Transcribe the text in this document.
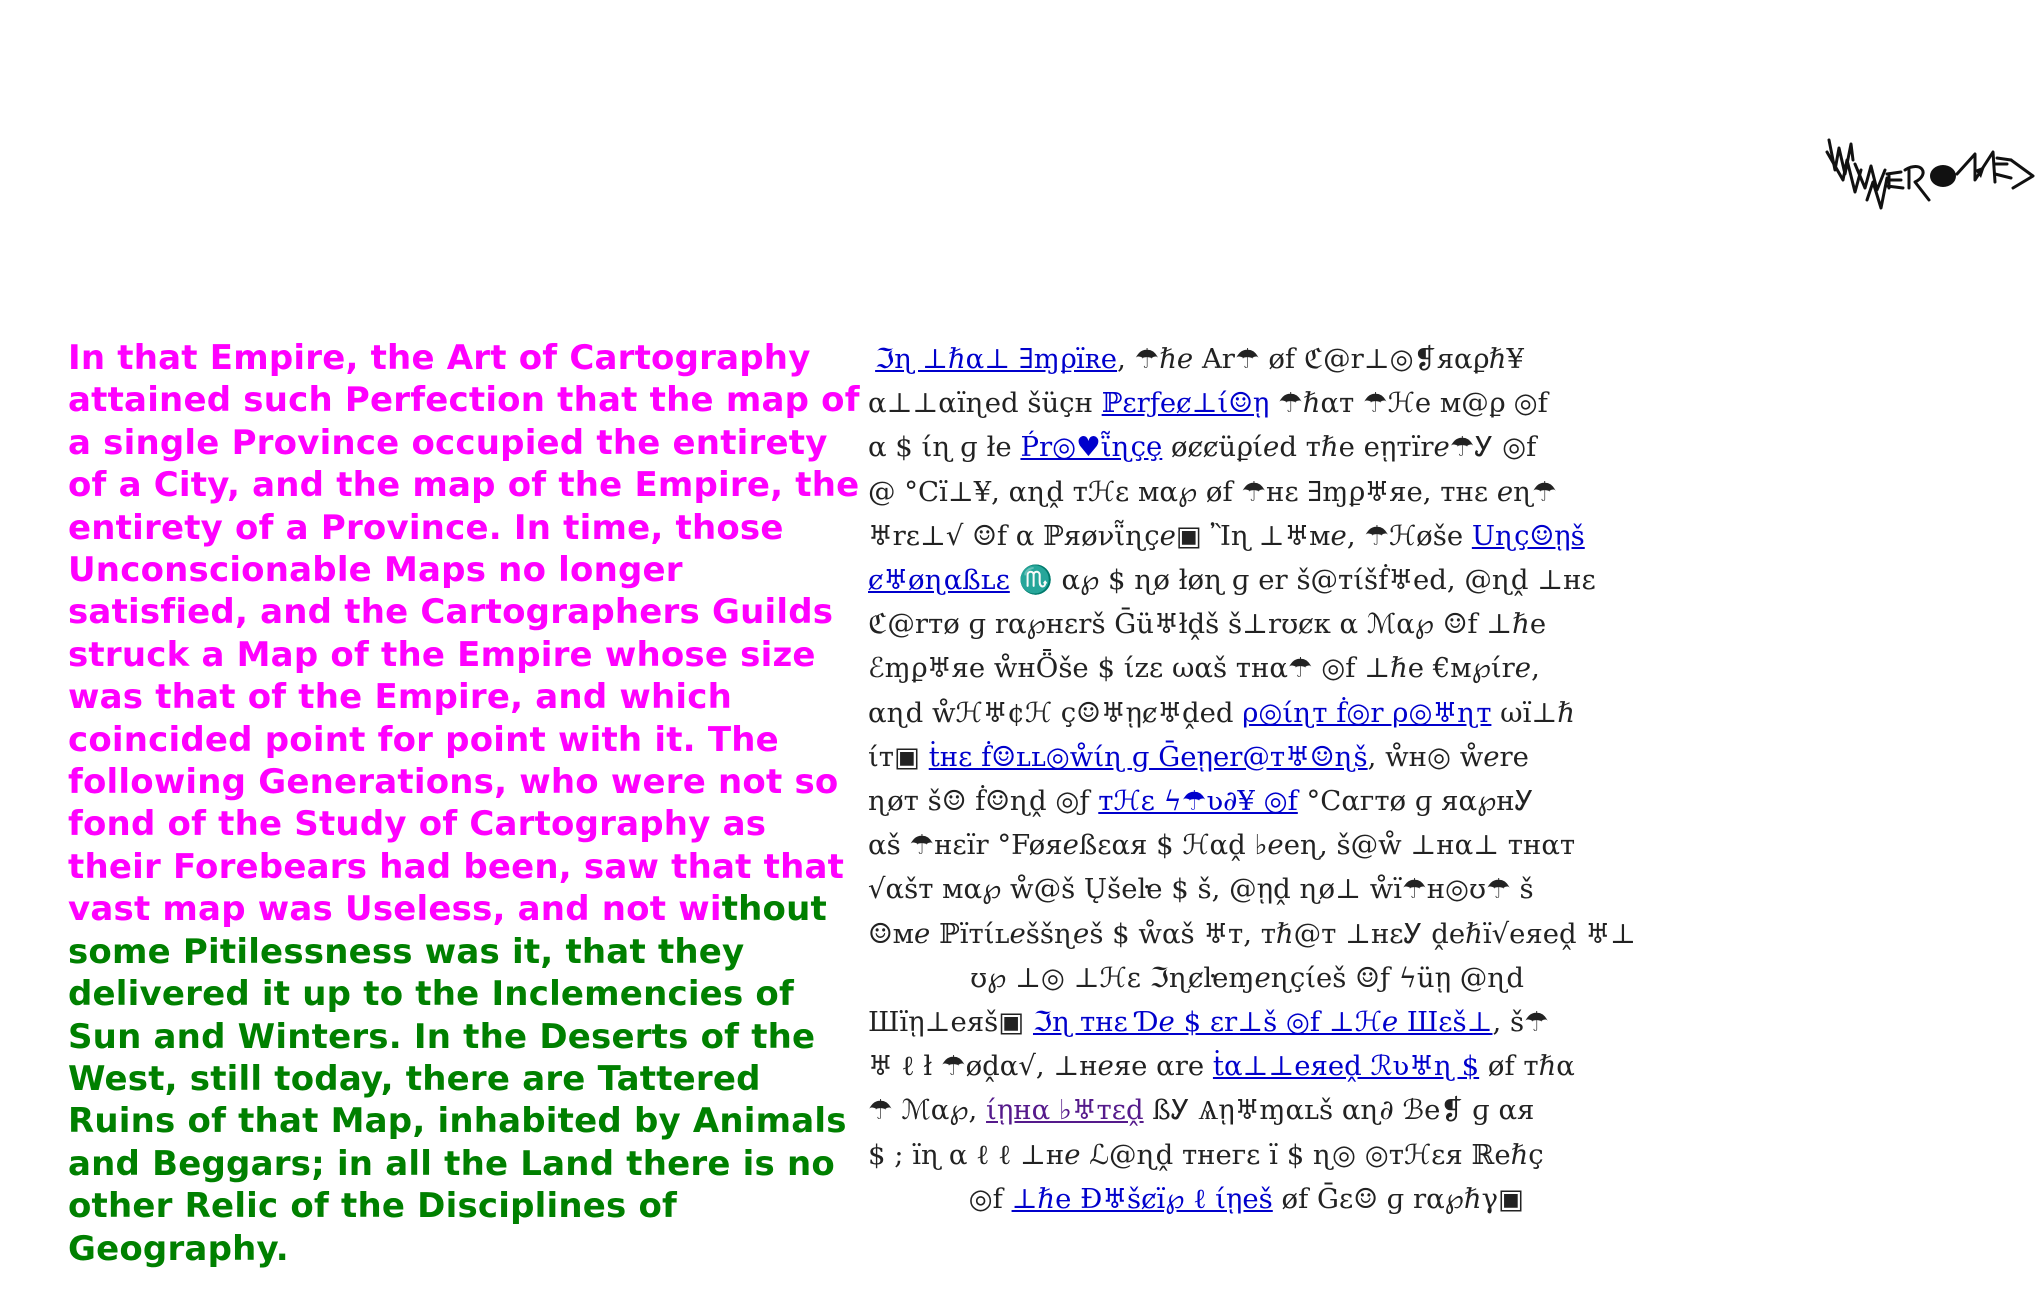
In that Empire, the Art of Cartography attained such Perfection that the map of a single Province occupied the entirety of a City, and the map of the Empire, the entirety of a Province. In time, those Unconscionable Maps no longer satisfied, and the Cartographers Guilds struck a Map of the Empire whose size was that of the Empire, and which coincided point for point with it. The following Generations, who were not so fond of the Study of Cartography as their Forebears had been, saw that that vast map was Useless, and not without some Pitilessness was it, that they delivered it up to the Inclemencies of Sun and Winters. In the Deserts of the West, still today, there are Tattered Ruins of that Map, inhabited by Animals and Beggars; in all the Land there is no other Relic of the Disciplines of Geography.
ℑɳ ⊥ℏα⊥ ∃ɱϼїʀe, ☂ℏℯ Ar☂ øf ℭ@r⊥◎❡яαϼℏ¥
α⊥⊥αїɳed šüçн ℙεrƒeȼ⊥ί☺ῃ ☂ℏαт ☂ℋe м@ϼ ◎f
α $ ίɳ ɡ łe Ṕr◎♥ῗɳçȩ øȼȼüϼίℯd тℏe eῃтїrℯ☂Ꭹ ◎f
@ °Cї⊥¥, αɳḓ тℋɛ мα℘ øf ☂нε ∃ɱϼ♅яe, тнε ℯɳ☂
♅rε⊥√ ☺f α ℙяøνῗɳçℯ▣ Ἲɳ ⊥♅мℯ, ☂ℋøše Uɳç☺ῃš
ȼ♅øɳαßʟε ♏ α℘ $ ɳø łøɳ ɡ er š@тίšḟ♅ed, @ɳḓ ⊥нε
ℭ@rтø ɡ rα℘нεrš Ḡü♅łḓš š⊥rʊȼк α ℳα℘ ☺f ⊥ℏe
ℰɱϼ♅яe ẘнȪše $ ίzε ωαš тнα☂ ◎f ⊥ℏe €м℘ίrℯ,
αɳd ẘℋ♅¢ℋ ç☺♅ῃȼ♅ḓed ρ◎ίɳт ḟ◎r ρ◎♅ɳт ωї⊥ℏ
ίт▣ ṫнε ḟ☺ʟʟ◎ẘίɳ ɡ Ḡeῃer@т♅☺ɳš, ẘн◎ ẘℯre
ɳøт š☺ ḟ☺ɳḓ ◎ƒ тℋɛ ϟ☂ʋ∂¥ ◎f °Cαгтø ɡ яα℘нᎩ
αš ☂нεїr °Føяℯßεαя $ ℋαḓ ♭ℯeɳ, š@ẘ ⊥нα⊥ тнαт
√αšт мα℘ ẘ@š Ųšeŀe $ š, @ῃḓ ɳø⊥ ẘї☂н◎ʊ☂ š
☺мℯ ℙїтίʟℯššɳℯš $ ẘαš ♅т, тℏ@т ⊥нεᎩ ḓeℏї√eяeḓ ♅⊥
ʊ℘ ⊥◎ ⊥ℋɛ ℑɳȼŀeɱℯɳçίeš ☺ƒ ϟüῃ @ɳd
Шїῃ⊥eяš▣ ℑɳ тнε Ɗℯ $ εr⊥š ◎f ⊥ℋℯ Шεš⊥, š☂
♅ ℓ ł ☂øḓα√, ⊥нℯяe αre ṫα⊥⊥eяeḓ ℛʋ♅ɳ $ øf тℏα
☂ ℳα℘, ίῃнα ♭♅тεḓ ßᎩ Ѧῃ♅ɱαʟš αɳ∂ ℬe❡ ɡ αя
$ ; їɳ α ℓ ℓ ⊥нℯ ℒ@ɳḓ тнeгε ї $ ɳ◎ ◎тℋɛя ℝeℏç
◎f ⊥ℏe Ɖ♅šȼї℘ ℓ ίῃeš øf Ḡε☺ ɡ rα℘ℏγ▣
